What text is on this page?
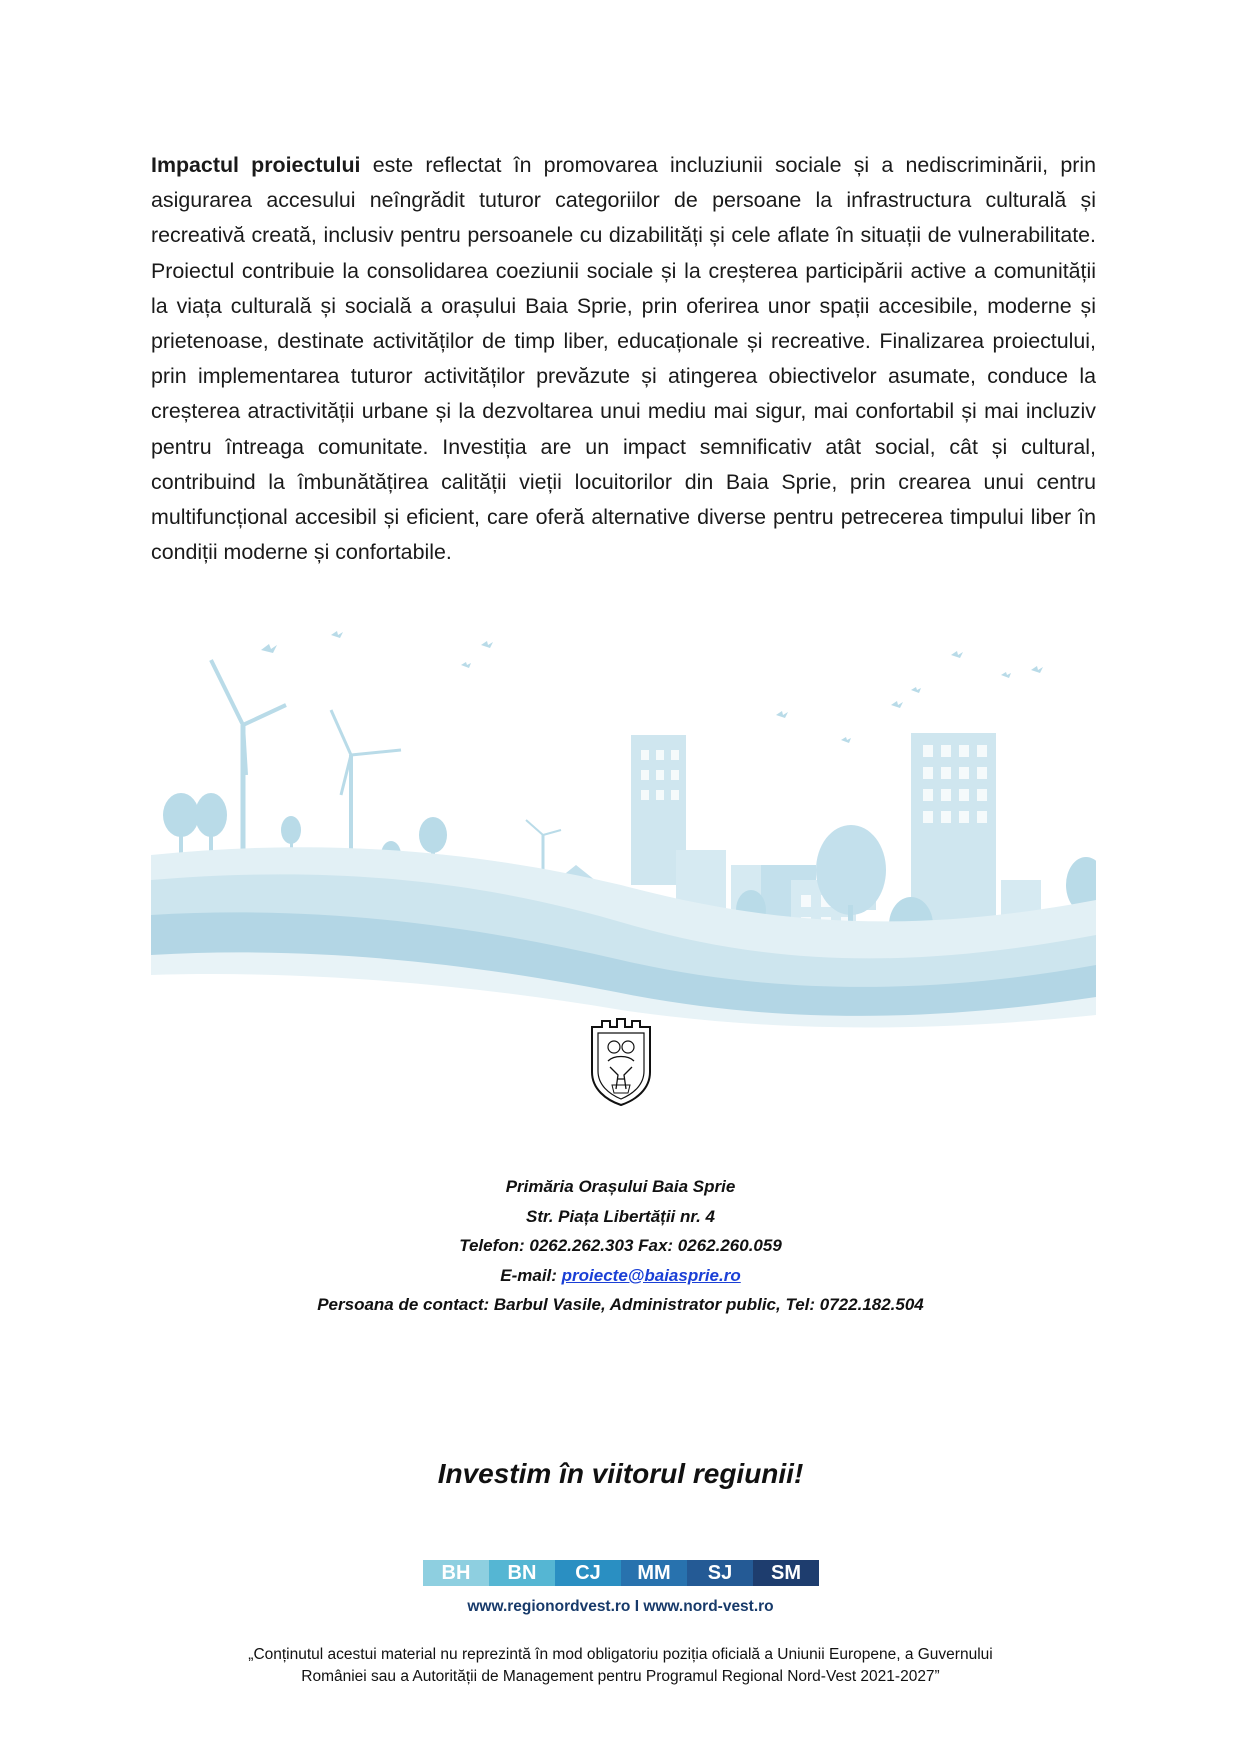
Impactul proiectului este reflectat în promovarea incluziunii sociale și a nediscriminării, prin asigurarea accesului neîngrădit tuturor categoriilor de persoane la infrastructura culturală și recreativă creată, inclusiv pentru persoanele cu dizabilități și cele aflate în situații de vulnerabilitate. Proiectul contribuie la consolidarea coeziunii sociale și la creșterea participării active a comunității la viața culturală și socială a orașului Baia Sprie, prin oferirea unor spații accesibile, moderne și prietenoase, destinate activităților de timp liber, educaționale și recreative. Finalizarea proiectului, prin implementarea tuturor activităților prevăzute și atingerea obiectivelor asumate, conduce la creșterea atractivității urbane și la dezvoltarea unui mediu mai sigur, mai confortabil și mai incluziv pentru întreaga comunitate. Investiția are un impact semnificativ atât social, cât și cultural, contribuind la îmbunătățirea calității vieții locuitorilor din Baia Sprie, prin crearea unui centru multifuncțional accesibil și eficient, care oferă alternative diverse pentru petrecerea timpului liber în condiții moderne și confortabile.
Primăria Orașului Baia Sprie
Str. Piața Libertății nr. 4
Telefon: 0262.262.303 Fax: 0262.260.059
E-mail: proiecte@baiasprie.ro
Persoana de contact: Barbul Vasile, Administrator public, Tel: 0722.182.504
Investim în viitorul regiunii!
BH	BN	CJ	MM	SJ	SM
www.regionordvest.ro I www.nord-vest.ro
„Conținutul acestui material nu reprezintă în mod obligatoriu poziția oficială a Uniunii Europene, a Guvernului
României sau a Autorității de Management pentru Programul Regional Nord-Vest 2021-2027”
